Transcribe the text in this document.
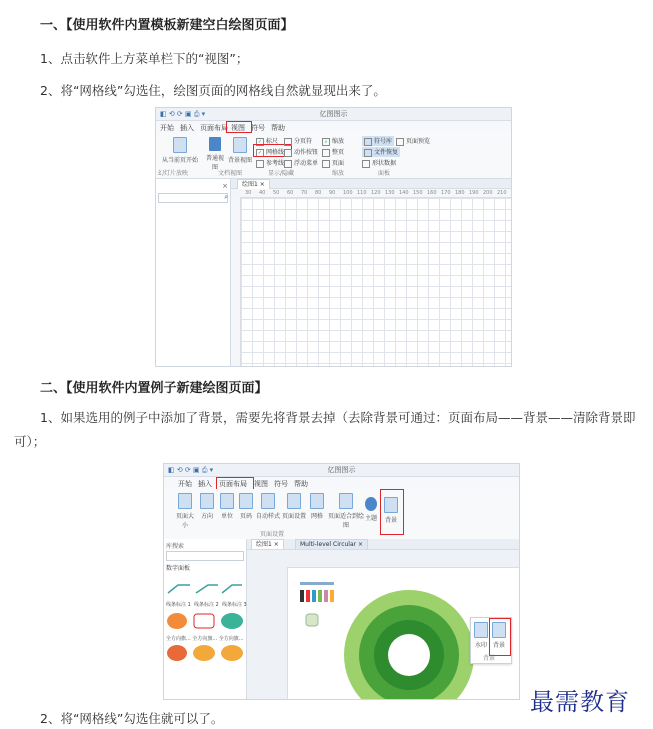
一、【使用软件内置模板新建空白绘图页面】
1、点击软件上方菜单栏下的“视图”；
2、将“网格线”勾选住，绘图页面的网格线自然就显现出来了。
◧ ⟲ ⟳ ▣ ⎙ ▾	亿图图示
开始 插入 页面布局 视图 符号 帮助
从当前页开始	普通视图
背景视图
✓ 标尺
✓ 网格线
参考线
分页符
动作按钮
浮动菜单
⌕ 缩放
整页
页面
符号库
文件恢复
形状数据
页面预览
幻灯片放映	文档视图	显示/隐藏	缩放	面板
×
⌕
绘图1 ×
30 40 50 60 70 80 90 100 110 120 130 140 150 160 170 180 190 200 210
二、【使用软件内置例子新建绘图页面】
1、如果选用的例子中添加了背景，需要先将背景去掉（去除背景可通过：页面布局——背景——清除背景即可）；
◧ ⟲ ⟳ ▣ ⎙ ▾	亿图图示
开始 插入 页面布局 视图 符号 帮助
页面大小
方向	单位	页码 自动样式 页面设置 网格 页面适合到绘图
主题	背景
页面设置
库搜索
数字面板
线条标注 1 线条标注 2 线条标注 3
全方向旗... 全方向旗... 全方向旗...
绘图1 ×	Multi-level Circular ×
水印 背景
背景
2、将“网格线”勾选住就可以了。
最需教育
